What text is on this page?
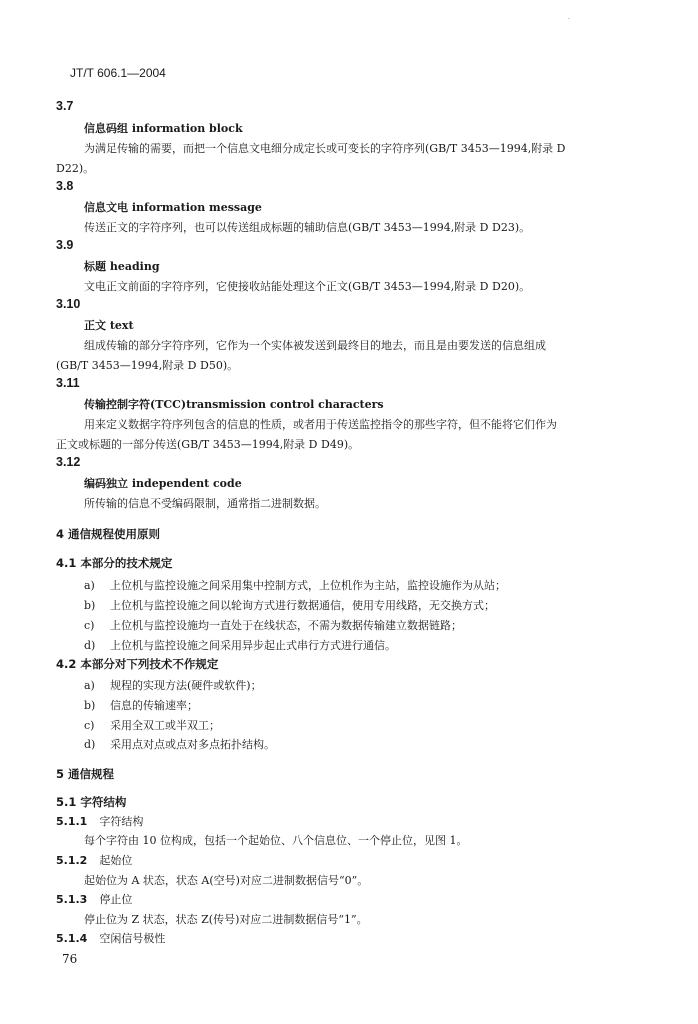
·
JT/T 606.1—2004
3.7
信息码组 information block
为满足传输的需要，而把一个信息文电细分成定长或可变长的字符序列(GB/T 3453—1994,附录 D
D22)。
3.8
信息文电 information message
传送正文的字符序列，也可以传送组成标题的辅助信息(GB/T 3453—1994,附录 D D23)。
3.9
标题 heading
文电正文前面的字符序列，它使接收站能处理这个正文(GB/T 3453—1994,附录 D D20)。
3.10
正文 text
组成传输的部分字符序列，它作为一个实体被发送到最终目的地去，而且是由要发送的信息组成
(GB/T 3453—1994,附录 D D50)。
3.11
传输控制字符(TCC)transmission control characters
用来定义数据字符序列包含的信息的性质，或者用于传送监控指令的那些字符，但不能将它们作为
正文或标题的一部分传送(GB/T 3453—1994,附录 D D49)。
3.12
编码独立 independent code
所传输的信息不受编码限制，通常指二进制数据。
4 通信规程使用原则
4.1 本部分的技术规定
a) 上位机与监控设施之间采用集中控制方式，上位机作为主站，监控设施作为从站；
b) 上位机与监控设施之间以轮询方式进行数据通信，使用专用线路，无交换方式；
c) 上位机与监控设施均一直处于在线状态，不需为数据传输建立数据链路；
d) 上位机与监控设施之间采用异步起止式串行方式进行通信。
4.2 本部分对下列技术不作规定
a) 规程的实现方法(硬件或软件)；
b) 信息的传输速率；
c) 采用全双工或半双工；
d) 采用点对点或点对多点拓扑结构。
5 通信规程
5.1 字符结构
5.1.1 字符结构
每个字符由 10 位构成，包括一个起始位、八个信息位、一个停止位，见图 1。
5.1.2 起始位
起始位为 A 状态，状态 A(空号)对应二进制数据信号“0”。
5.1.3 停止位
停止位为 Z 状态，状态 Z(传号)对应二进制数据信号“1”。
5.1.4 空闲信号极性
76
